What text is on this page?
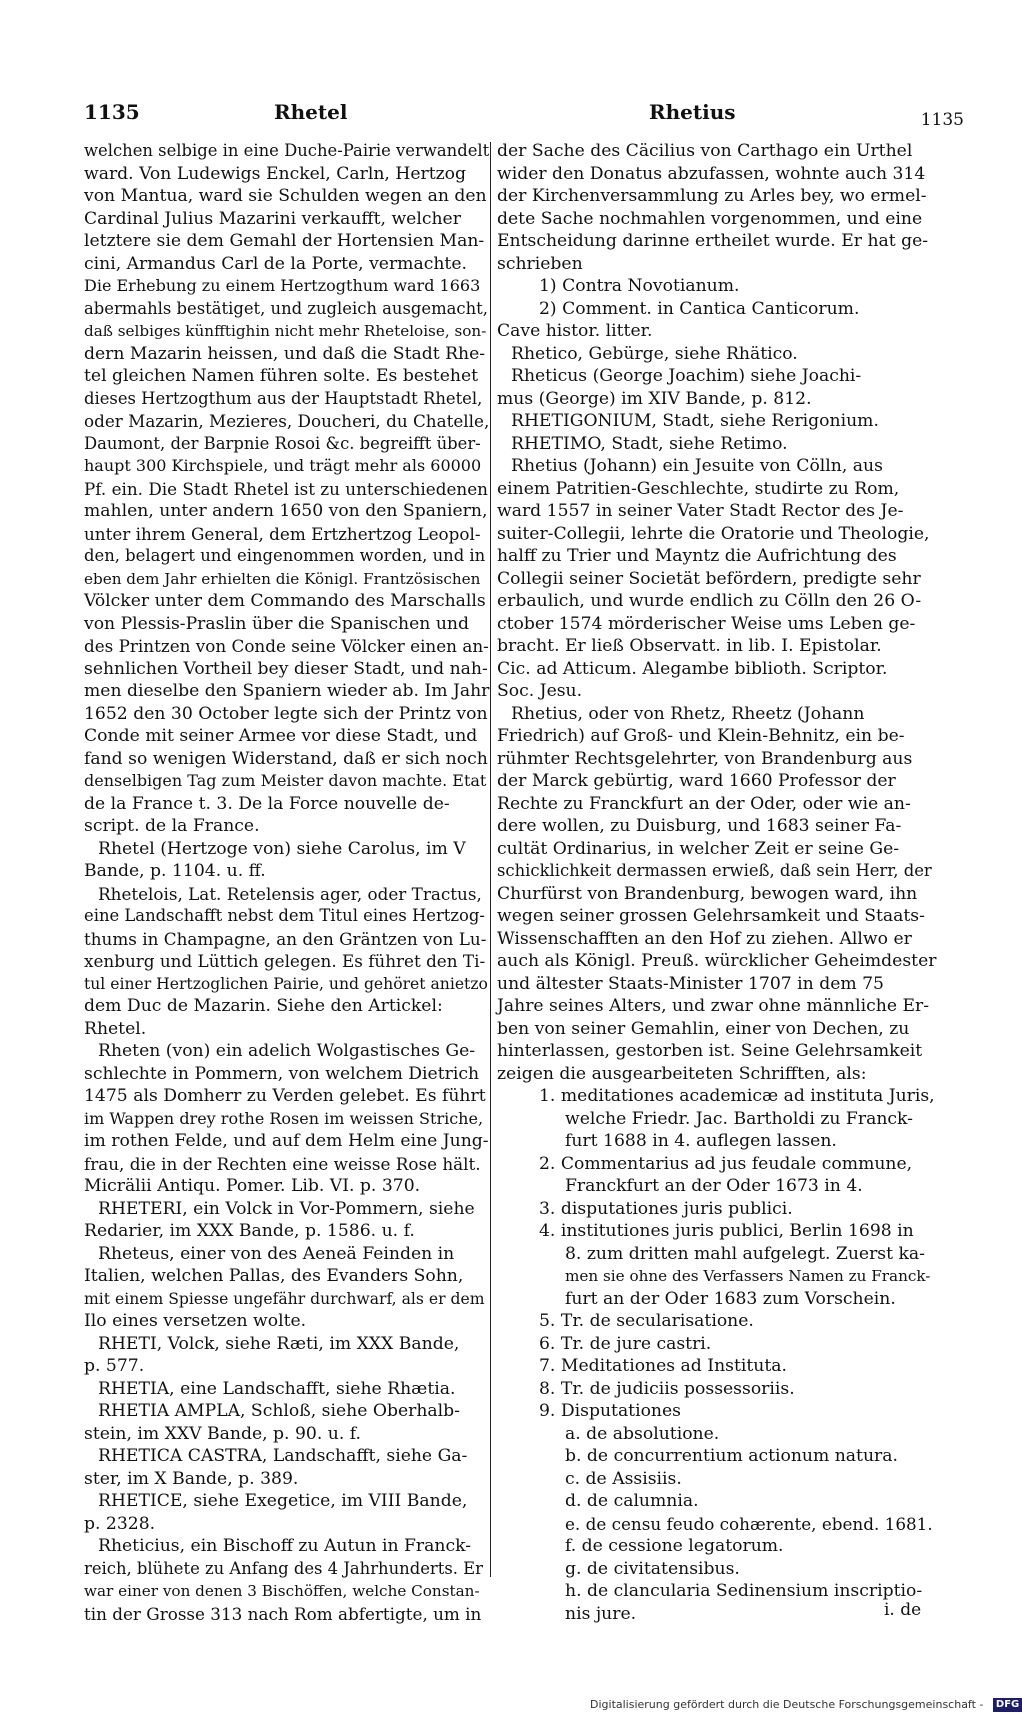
1135	Rhetel	Rhetius	1135
welchen selbige in eine Duche-Pairie verwandelt
ward. Von Ludewigs Enckel, Carln, Hertzog
von Mantua, ward sie Schulden wegen an den
Cardinal Julius Mazarini verkaufft, welcher
letztere sie dem Gemahl der Hortensien Man-
cini, Armandus Carl de la Porte, vermachte.
Die Erhebung zu einem Hertzogthum ward 1663
abermahls bestätiget, und zugleich ausgemacht,
daß selbiges künfftighin nicht mehr Rheteloise, son-
dern Mazarin heissen, und daß die Stadt Rhe-
tel gleichen Namen führen solte. Es bestehet
dieses Hertzogthum aus der Hauptstadt Rhetel,
oder Mazarin, Mezieres, Doucheri, du Chatelle,
Daumont, der Barpnie Rosoi &c. begreifft über-
haupt 300 Kirchspiele, und trägt mehr als 60000
Pf. ein. Die Stadt Rhetel ist zu unterschiedenen
mahlen, unter andern 1650 von den Spaniern,
unter ihrem General, dem Ertzhertzog Leopol-
den, belagert und eingenommen worden, und in
eben dem Jahr erhielten die Königl. Frantzösischen
Völcker unter dem Commando des Marschalls
von Plessis-Praslin über die Spanischen und
des Printzen von Conde seine Völcker einen an-
sehnlichen Vortheil bey dieser Stadt, und nah-
men dieselbe den Spaniern wieder ab. Im Jahr
1652 den 30 October legte sich der Printz von
Conde mit seiner Armee vor diese Stadt, und
fand so wenigen Widerstand, daß er sich noch
denselbigen Tag zum Meister davon machte. Etat
de la France t. 3. De la Force nouvelle de-
script. de la France.
Rhetel (Hertzoge von) siehe Carolus, im V
Bande, p. 1104. u. ff.
Rhetelois, Lat. Retelensis ager, oder Tractus,
eine Landschafft nebst dem Titul eines Hertzog-
thums in Champagne, an den Gräntzen von Lu-
xenburg und Lüttich gelegen. Es führet den Ti-
tul einer Hertzoglichen Pairie, und gehöret anietzo
dem Duc de Mazarin. Siehe den Artickel:
Rhetel.
Rheten (von) ein adelich Wolgastisches Ge-
schlechte in Pommern, von welchem Dietrich
1475 als Domherr zu Verden gelebet. Es führt
im Wappen drey rothe Rosen im weissen Striche,
im rothen Felde, und auf dem Helm eine Jung-
frau, die in der Rechten eine weisse Rose hält.
Micrälii Antiqu. Pomer. Lib. VI. p. 370.
RHETERI, ein Volck in Vor-Pommern, siehe
Redarier, im XXX Bande, p. 1586. u. f.
Rheteus, einer von des Aeneä Feinden in
Italien, welchen Pallas, des Evanders Sohn,
mit einem Spiesse ungefähr durchwarf, als er dem
Ilo eines versetzen wolte.
RHETI, Volck, siehe Ræti, im XXX Bande,
p. 577.
RHETIA, eine Landschafft, siehe Rhætia.
RHETIA AMPLA, Schloß, siehe Oberhalb-
stein, im XXV Bande, p. 90. u. f.
RHETICA CASTRA, Landschafft, siehe Ga-
ster, im X Bande, p. 389.
RHETICE, siehe Exegetice, im VIII Bande,
p. 2328.
Rheticius, ein Bischoff zu Autun in Franck-
reich, blühete zu Anfang des 4 Jahrhunderts. Er
war einer von denen 3 Bischöffen, welche Constan-
tin der Grosse 313 nach Rom abfertigte, um in
der Sache des Cäcilius von Carthago ein Urthel
wider den Donatus abzufassen, wohnte auch 314
der Kirchenversammlung zu Arles bey, wo ermel-
dete Sache nochmahlen vorgenommen, und eine
Entscheidung darinne ertheilet wurde. Er hat ge-
schrieben
1) Contra Novotianum.
2) Comment. in Cantica Canticorum.
Cave histor. litter.
Rhetico, Gebürge, siehe Rhätico.
Rheticus (George Joachim) siehe Joachi-
mus (George) im XIV Bande, p. 812.
RHETIGONIUM, Stadt, siehe Rerigonium.
RHETIMO, Stadt, siehe Retimo.
Rhetius (Johann) ein Jesuite von Cölln, aus
einem Patritien-Geschlechte, studirte zu Rom,
ward 1557 in seiner Vater Stadt Rector des Je-
suiter-Collegii, lehrte die Oratorie und Theologie,
halff zu Trier und Mayntz die Aufrichtung des
Collegii seiner Societät befördern, predigte sehr
erbaulich, und wurde endlich zu Cölln den 26 O-
ctober 1574 mörderischer Weise ums Leben ge-
bracht. Er ließ Observatt. in lib. I. Epistolar.
Cic. ad Atticum. Alegambe biblioth. Scriptor.
Soc. Jesu.
Rhetius, oder von Rhetz, Rheetz (Johann
Friedrich) auf Groß- und Klein-Behnitz, ein be-
rühmter Rechtsgelehrter, von Brandenburg aus
der Marck gebürtig, ward 1660 Professor der
Rechte zu Franckfurt an der Oder, oder wie an-
dere wollen, zu Duisburg, und 1683 seiner Fa-
cultät Ordinarius, in welcher Zeit er seine Ge-
schicklichkeit dermassen erwieß, daß sein Herr, der
Churfürst von Brandenburg, bewogen ward, ihn
wegen seiner grossen Gelehrsamkeit und Staats-
Wissenschafften an den Hof zu ziehen. Allwo er
auch als Königl. Preuß. würcklicher Geheimdester
und ältester Staats-Minister 1707 in dem 75
Jahre seines Alters, und zwar ohne männliche Er-
ben von seiner Gemahlin, einer von Dechen, zu
hinterlassen, gestorben ist. Seine Gelehrsamkeit
zeigen die ausgearbeiteten Schrifften, als:
1. meditationes academicæ ad instituta Juris,
welche Friedr. Jac. Bartholdi zu Franck-
furt 1688 in 4. auflegen lassen.
2. Commentarius ad jus feudale commune,
Franckfurt an der Oder 1673 in 4.
3. disputationes juris publici.
4. institutiones juris publici, Berlin 1698 in
8. zum dritten mahl aufgelegt. Zuerst ka-
men sie ohne des Verfassers Namen zu Franck-
furt an der Oder 1683 zum Vorschein.
5. Tr. de secularisatione.
6. Tr. de jure castri.
7. Meditationes ad Instituta.
8. Tr. de judiciis possessoriis.
9. Disputationes
a. de absolutione.
b. de concurrentium actionum natura.
c. de Assisiis.
d. de calumnia.
e. de censu feudo cohærente, ebend. 1681.
f. de cessione legatorum.
g. de civitatensibus.
h. de clancularia Sedinensium inscriptio-
nis jure.	i. de
Digitalisierung gefördert durch die Deutsche Forschungsgemeinschaft - DFG
